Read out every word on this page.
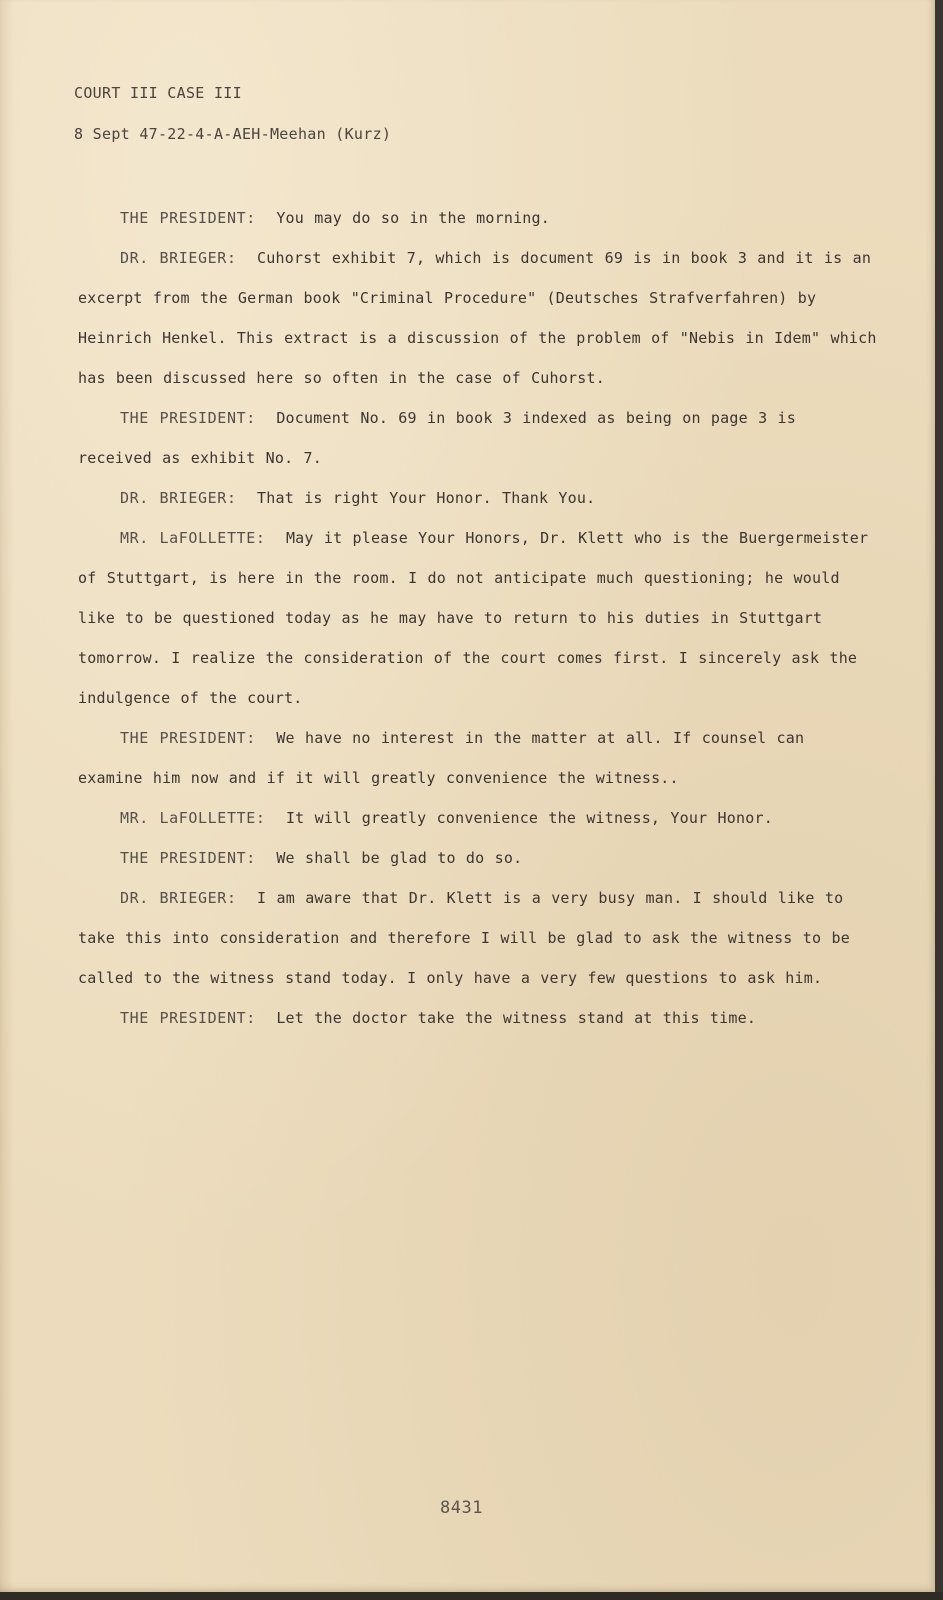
COURT III CASE III
8 Sept 47-22-4-A-AEH-Meehan (Kurz)

THE PRESIDENT: You may do so in the morning.

DR. BRIEGER: Cuhorst exhibit 7, which is document 69 is in book 3 and it is an excerpt from the German book "Criminal Procedure" (Deutsches Strafverfahren) by Heinrich Henkel. This extract is a discussion of the problem of "Nebis in Idem" which has been discussed here so often in the case of Cuhorst.

THE PRESIDENT: Document No. 69 in book 3 indexed as being on page 3 is received as exhibit No. 7.

DR. BRIEGER: That is right Your Honor. Thank You.

MR. LaFOLLETTE: May it please Your Honors, Dr. Klett who is the Buergermeister of Stuttgart, is here in the room. I do not anticipate much questioning; he would like to be questioned today as he may have to return to his duties in Stuttgart tomorrow. I realize the consideration of the court comes first. I sincerely ask the indulgence of the court.

THE PRESIDENT: We have no interest in the matter at all. If counsel can examine him now and if it will greatly convenience the witness..

MR. LaFOLLETTE: It will greatly convenience the witness, Your Honor.

THE PRESIDENT: We shall be glad to do so.

DR. BRIEGER: I am aware that Dr. Klett is a very busy man. I should like to take this into consideration and therefore I will be glad to ask the witness to be called to the witness stand today. I only have a very few questions to ask him.

THE PRESIDENT: Let the doctor take the witness stand at this time.

8431
